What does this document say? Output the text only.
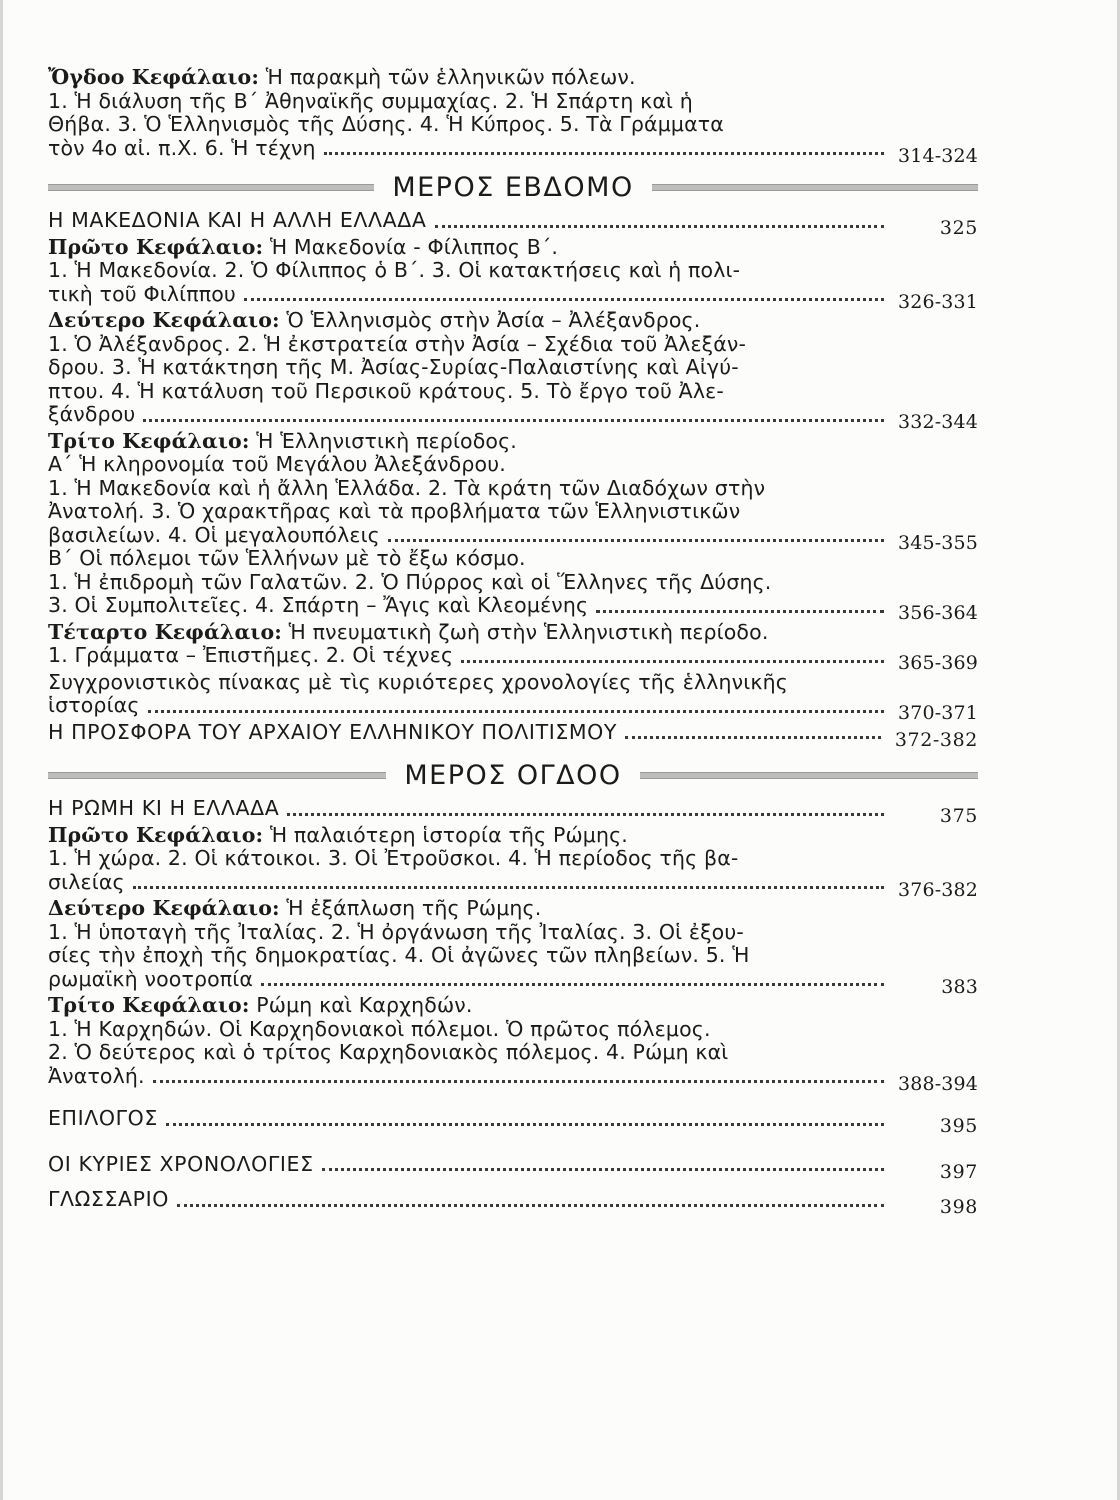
Ὄγδοο Κεφάλαιο: Ἡ παρακμὴ τῶν ἑλληνικῶν πόλεων.
1. Ἡ διάλυση τῆς Β´ Ἀθηναϊκῆς συμμαχίας. 2. Ἡ Σπάρτη καὶ ἡ
Θήβα. 3. Ὁ Ἑλληνισμὸς τῆς Δύσης. 4. Ἡ Κύπρος. 5. Τὰ Γράμματα
τὸν 4ο αἰ. π.Χ. 6. Ἡ τέχνη	314-324
ΜΕΡΟΣ ΕΒΔΟΜΟ
Η ΜΑΚΕΔΟΝΙΑ ΚΑΙ Η ΑΛΛΗ ΕΛΛΑΔΑ	325
Πρῶτο Κεφάλαιο: Ἡ Μακεδονία - Φίλιππος Β´.
1. Ἡ Μακεδονία. 2. Ὁ Φίλιππος ὁ Β´. 3. Οἱ κατακτήσεις καὶ ἡ πολι-
τικὴ τοῦ Φιλίππου	326-331
Δεύτερο Κεφάλαιο: Ὁ Ἑλληνισμὸς στὴν Ἀσία – Ἀλέξανδρος.
1. Ὁ Ἀλέξανδρος. 2. Ἡ ἐκστρατεία στὴν Ἀσία – Σχέδια τοῦ Ἀλεξάν-
δρου. 3. Ἡ κατάκτηση τῆς Μ. Ἀσίας-Συρίας-Παλαιστίνης καὶ Αἰγύ-
πτου. 4. Ἡ κατάλυση τοῦ Περσικοῦ κράτους. 5. Τὸ ἔργο τοῦ Ἀλε-
ξάνδρου	332-344
Τρίτο Κεφάλαιο: Ἡ Ἑλληνιστικὴ περίοδος.
Α´ Ἡ κληρονομία τοῦ Μεγάλου Ἀλεξάνδρου.
1. Ἡ Μακεδονία καὶ ἡ ἄλλη Ἑλλάδα. 2. Τὰ κράτη τῶν Διαδόχων στὴν
Ἀνατολή. 3. Ὁ χαρακτῆρας καὶ τὰ προβλήματα τῶν Ἑλληνιστικῶν
βασιλείων. 4. Οἱ μεγαλουπόλεις	345-355
Β´ Οἱ πόλεμοι τῶν Ἑλλήνων μὲ τὸ ἔξω κόσμο.
1. Ἡ ἐπιδρομὴ τῶν Γαλατῶν. 2. Ὁ Πύρρος καὶ οἱ Ἕλληνες τῆς Δύσης.
3. Οἱ Συμπολιτεῖες. 4. Σπάρτη – Ἄγις καὶ Κλεομένης	356-364
Τέταρτο Κεφάλαιο: Ἡ πνευματικὴ ζωὴ στὴν Ἑλληνιστικὴ περίοδο.
1. Γράμματα – Ἐπιστῆμες. 2. Οἱ τέχνες	365-369
Συγχρονιστικὸς πίνακας μὲ τὶς κυριότερες χρονολογίες τῆς ἑλληνικῆς
ἱστορίας	370-371
Η ΠΡΟΣΦΟΡΑ ΤΟΥ ΑΡΧΑΙΟΥ ΕΛΛΗΝΙΚΟΥ ΠΟΛΙΤΙΣΜΟΥ	372-382
ΜΕΡΟΣ ΟΓΔΟΟ
Η ΡΩΜΗ ΚΙ Η ΕΛΛΑΔΑ	375
Πρῶτο Κεφάλαιο: Ἡ παλαιότερη ἱστορία τῆς Ρώμης.
1. Ἡ χώρα. 2. Οἱ κάτοικοι. 3. Οἱ Ἐτροῦσκοι. 4. Ἡ περίοδος τῆς βα-
σιλείας	376-382
Δεύτερο Κεφάλαιο: Ἡ ἐξάπλωση τῆς Ρώμης.
1. Ἡ ὑποταγὴ τῆς Ἰταλίας. 2. Ἡ ὀργάνωση τῆς Ἰταλίας. 3. Οἱ ἐξου-
σίες τὴν ἐποχὴ τῆς δημοκρατίας. 4. Οἱ ἀγῶνες τῶν πληβείων. 5. Ἡ
ρωμαϊκὴ νοοτροπία	383
Τρίτο Κεφάλαιο: Ρώμη καὶ Καρχηδών.
1. Ἡ Καρχηδών. Οἱ Καρχηδονιακοὶ πόλεμοι. Ὁ πρῶτος πόλεμος.
2. Ὁ δεύτερος καὶ ὁ τρίτος Καρχηδονιακὸς πόλεμος. 4. Ρώμη καὶ
Ἀνατολή.	388-394
ΕΠΙΛΟΓΟΣ	395
ΟΙ ΚΥΡΙΕΣ ΧΡΟΝΟΛΟΓΙΕΣ	397
ΓΛΩΣΣΑΡΙΟ	398
